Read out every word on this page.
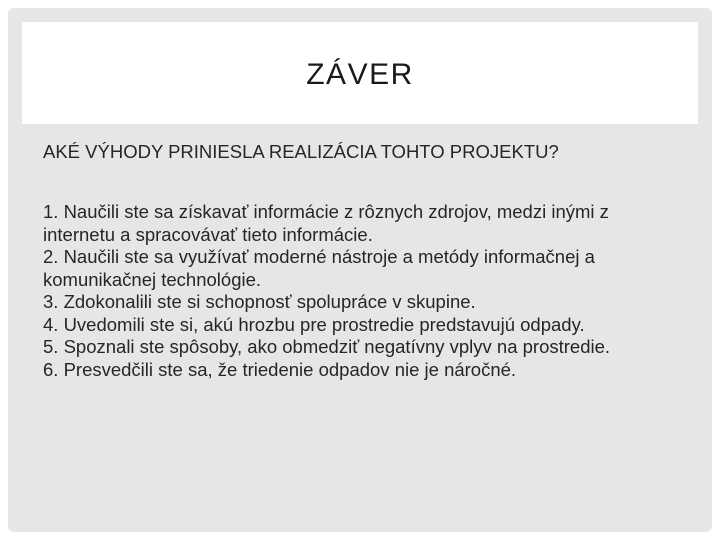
ZÁVER
AKÉ VÝHODY PRINIESLA REALIZÁCIA TOHTO PROJEKTU?

1. Naučili ste sa získavať informácie z rôznych zdrojov, medzi inými z internetu a spracovávať tieto informácie.

2. Naučili ste sa využívať moderné nástroje a metódy informačnej a komunikačnej technológie.

3. Zdokonalili ste si schopnosť spolupráce v skupine.

4. Uvedomili ste si, akú hrozbu pre prostredie predstavujú odpady.

5. Spoznali ste spôsoby, ako obmedziť negatívny vplyv na prostredie.

6. Presvedčili ste sa, že triedenie odpadov nie je náročné.
